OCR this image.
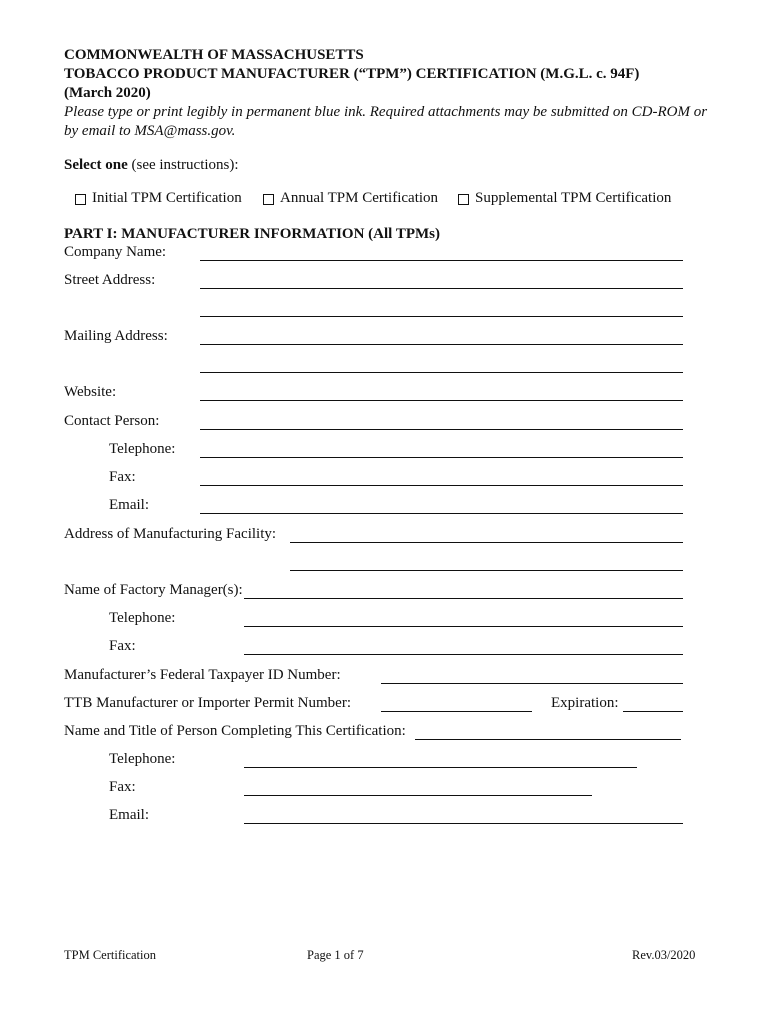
COMMONWEALTH OF MASSACHUSETTS
TOBACCO PRODUCT MANUFACTURER (“TPM”) CERTIFICATION (M.G.L. c. 94F)
(March 2020)
Please type or print legibly in permanent blue ink. Required attachments may be submitted on CD-ROM or
by email to MSA@mass.gov.
Select one (see instructions):
Initial TPM Certification	Annual TPM Certification Supplemental TPM Certification
PART I: MANUFACTURER INFORMATION (All TPMs)
Company Name:
Street Address:
Mailing Address:
Website:
Contact Person:
Telephone:
Fax:
Email:
Address of Manufacturing Facility:
Name of Factory Manager(s):
Telephone:
Fax:
Manufacturer’s Federal Taxpayer ID Number:
TTB Manufacturer or Importer Permit Number:	Expiration:
Name and Title of Person Completing This Certification:
Telephone:
Fax:
Email:
TPM Certification	Page 1 of 7	Rev.03/2020
